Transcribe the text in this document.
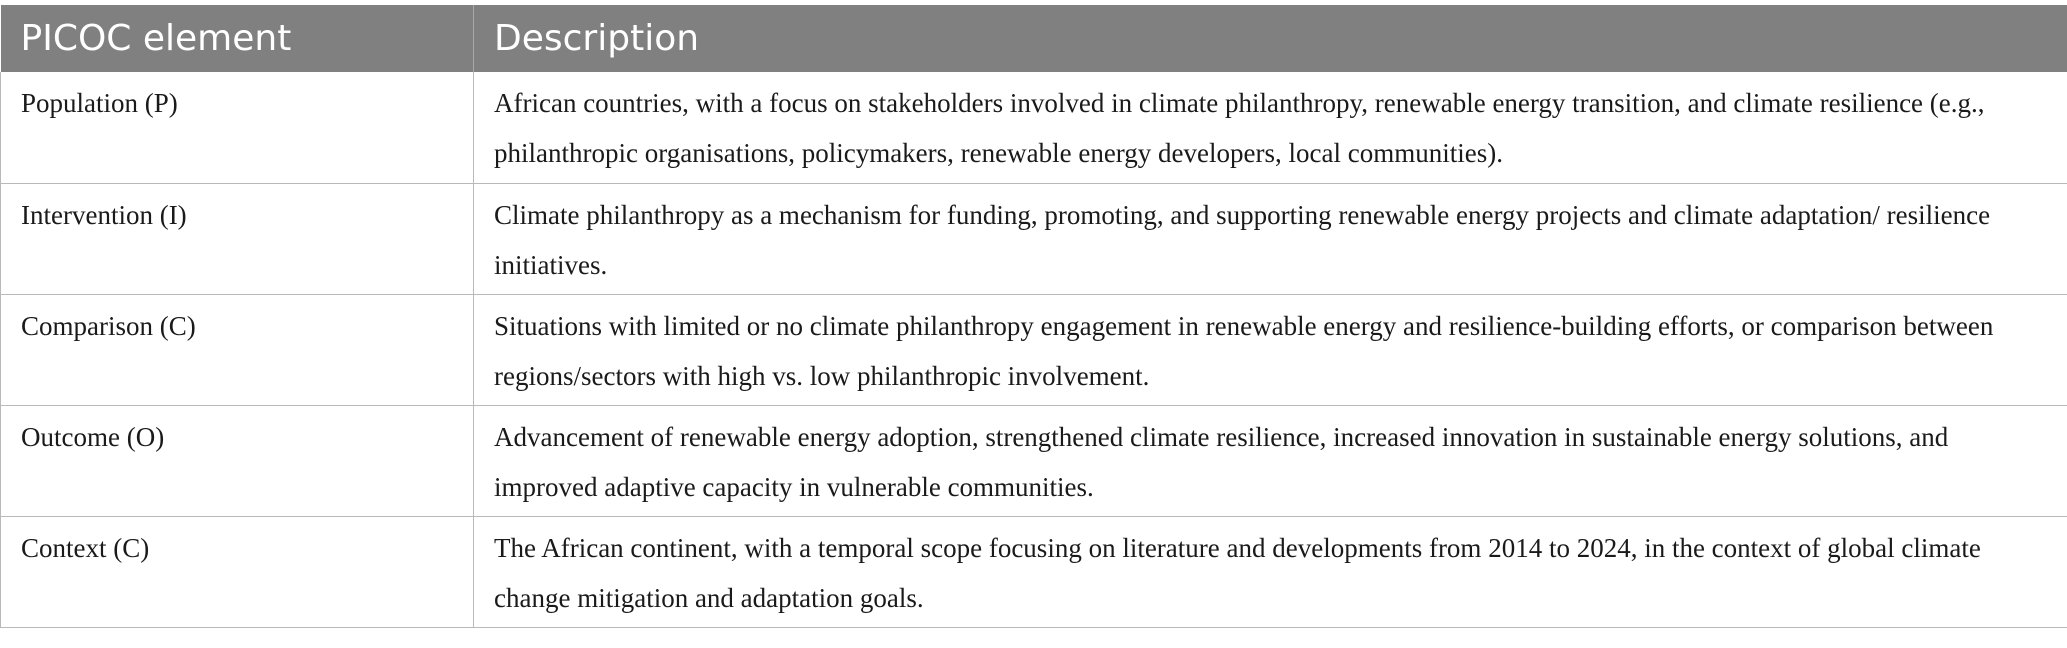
PICOC element	Description
Population (P)	African countries, with a focus on stakeholders involved in climate philanthropy, renewable energy transition, and climate resilience (e.g., philanthropic organisations, policymakers, renewable energy developers, local communities).
Intervention (I)	Climate philanthropy as a mechanism for funding, promoting, and supporting renewable energy projects and climate adaptation/ resilience initiatives.
Comparison (C)	Situations with limited or no climate philanthropy engagement in renewable energy and resilience-building efforts, or comparison between regions/sectors with high vs. low philanthropic involvement.
Outcome (O)	Advancement of renewable energy adoption, strengthened climate resilience, increased innovation in sustainable energy solutions, and improved adaptive capacity in vulnerable communities.
Context (C)	The African continent, with a temporal scope focusing on literature and developments from 2014 to 2024, in the context of global climate change mitigation and adaptation goals.
